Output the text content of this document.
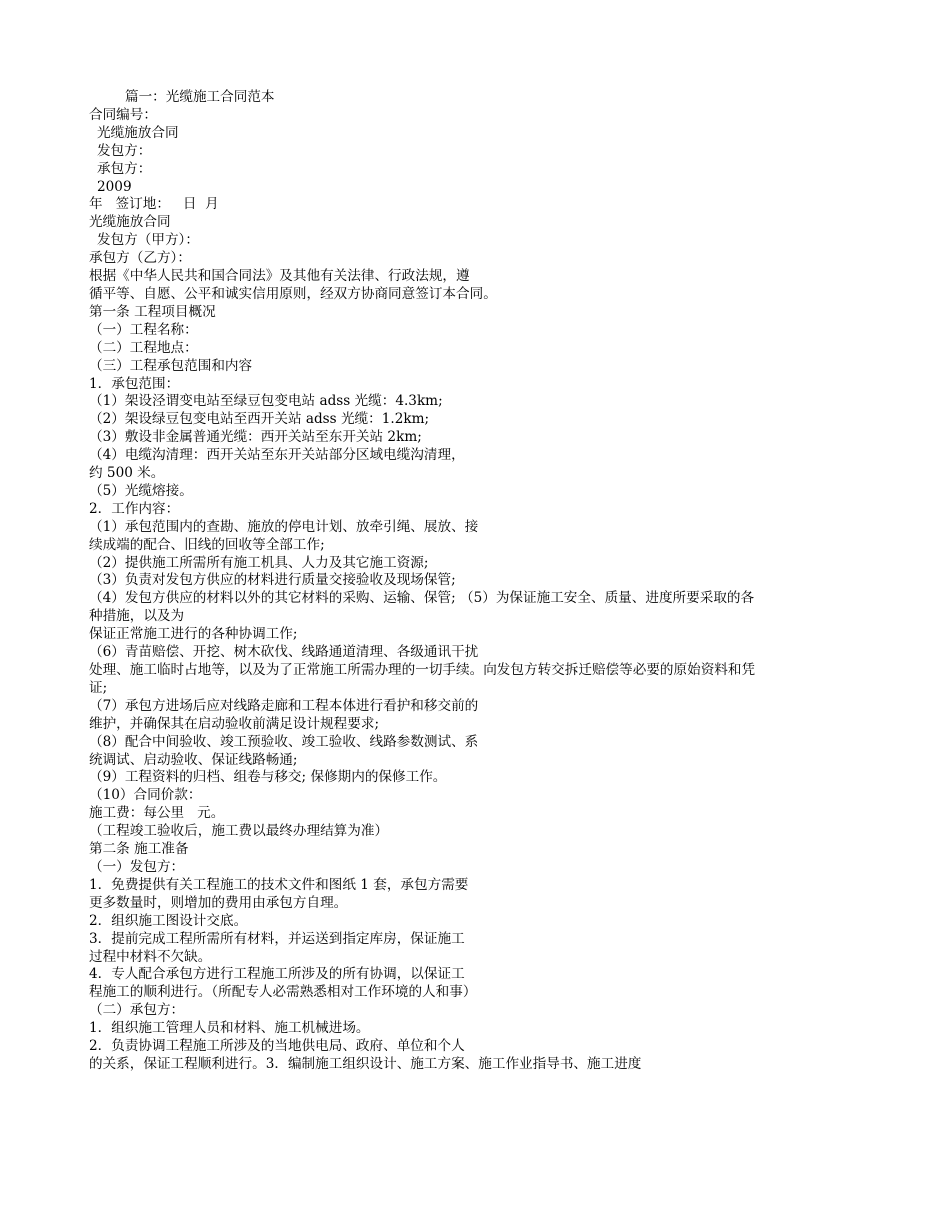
篇一：光缆施工合同范本

合同编号：

光缆施放合同

发包方：

承包方：

2009

年   签订地：   日  月

光缆施放合同

发包方（甲方）：

承包方（乙方）：

根据《中华人民共和国合同法》及其他有关法律、行政法规，遵

循平等、自愿、公平和诚实信用原则，经双方协商同意签订本合同。

第一条 工程项目概况

（一）工程名称：

（二）工程地点：

（三）工程承包范围和内容

1．承包范围：

（1）架设泾谓变电站至绿豆包变电站 adss 光缆：4.3km;

（2）架设绿豆包变电站至西开关站 adss 光缆：1.2km;

（3）敷设非金属普通光缆：西开关站至东开关站 2km;

（4）电缆沟清理：西开关站至东开关站部分区域电缆沟清理，

约 500 米。

（5）光缆熔接。

2．工作内容：

（1）承包范围内的查勘、施放的停电计划、放牵引绳、展放、接

续成端的配合、旧线的回收等全部工作;

（2）提供施工所需所有施工机具、人力及其它施工资源;

（3）负责对发包方供应的材料进行质量交接验收及现场保管;

（4）发包方供应的材料以外的其它材料的采购、运输、保管; （5）为保证施工安全、质量、进度所要采取的各

种措施，以及为

保证正常施工进行的各种协调工作;

（6）青苗赔偿、开挖、树木砍伐、线路通道清理、各级通讯干扰

处理、施工临时占地等，以及为了正常施工所需办理的一切手续。向发包方转交拆迁赔偿等必要的原始资料和凭

证;

（7）承包方进场后应对线路走廊和工程本体进行看护和移交前的

维护，并确保其在启动验收前满足设计规程要求;

（8）配合中间验收、竣工预验收、竣工验收、线路参数测试、系

统调试、启动验收、保证线路畅通;

（9）工程资料的归档、组卷与移交; 保修期内的保修工作。

（10）合同价款：

施工费：每公里   元。

（工程竣工验收后，施工费以最终办理结算为准）

第二条 施工准备

（一）发包方：

1．免费提供有关工程施工的技术文件和图纸 1 套，承包方需要

更多数量时，则增加的费用由承包方自理。

2．组织施工图设计交底。

3．提前完成工程所需所有材料，并运送到指定库房，保证施工

过程中材料不欠缺。

4．专人配合承包方进行工程施工所涉及的所有协调，以保证工

程施工的顺利进行。（所配专人必需熟悉相对工作环境的人和事）

（二）承包方：

1．组织施工管理人员和材料、施工机械进场。

2．负责协调工程施工所涉及的当地供电局、政府、单位和个人

的关系，保证工程顺利进行。3．编制施工组织设计、施工方案、施工作业指导书、施工进度
